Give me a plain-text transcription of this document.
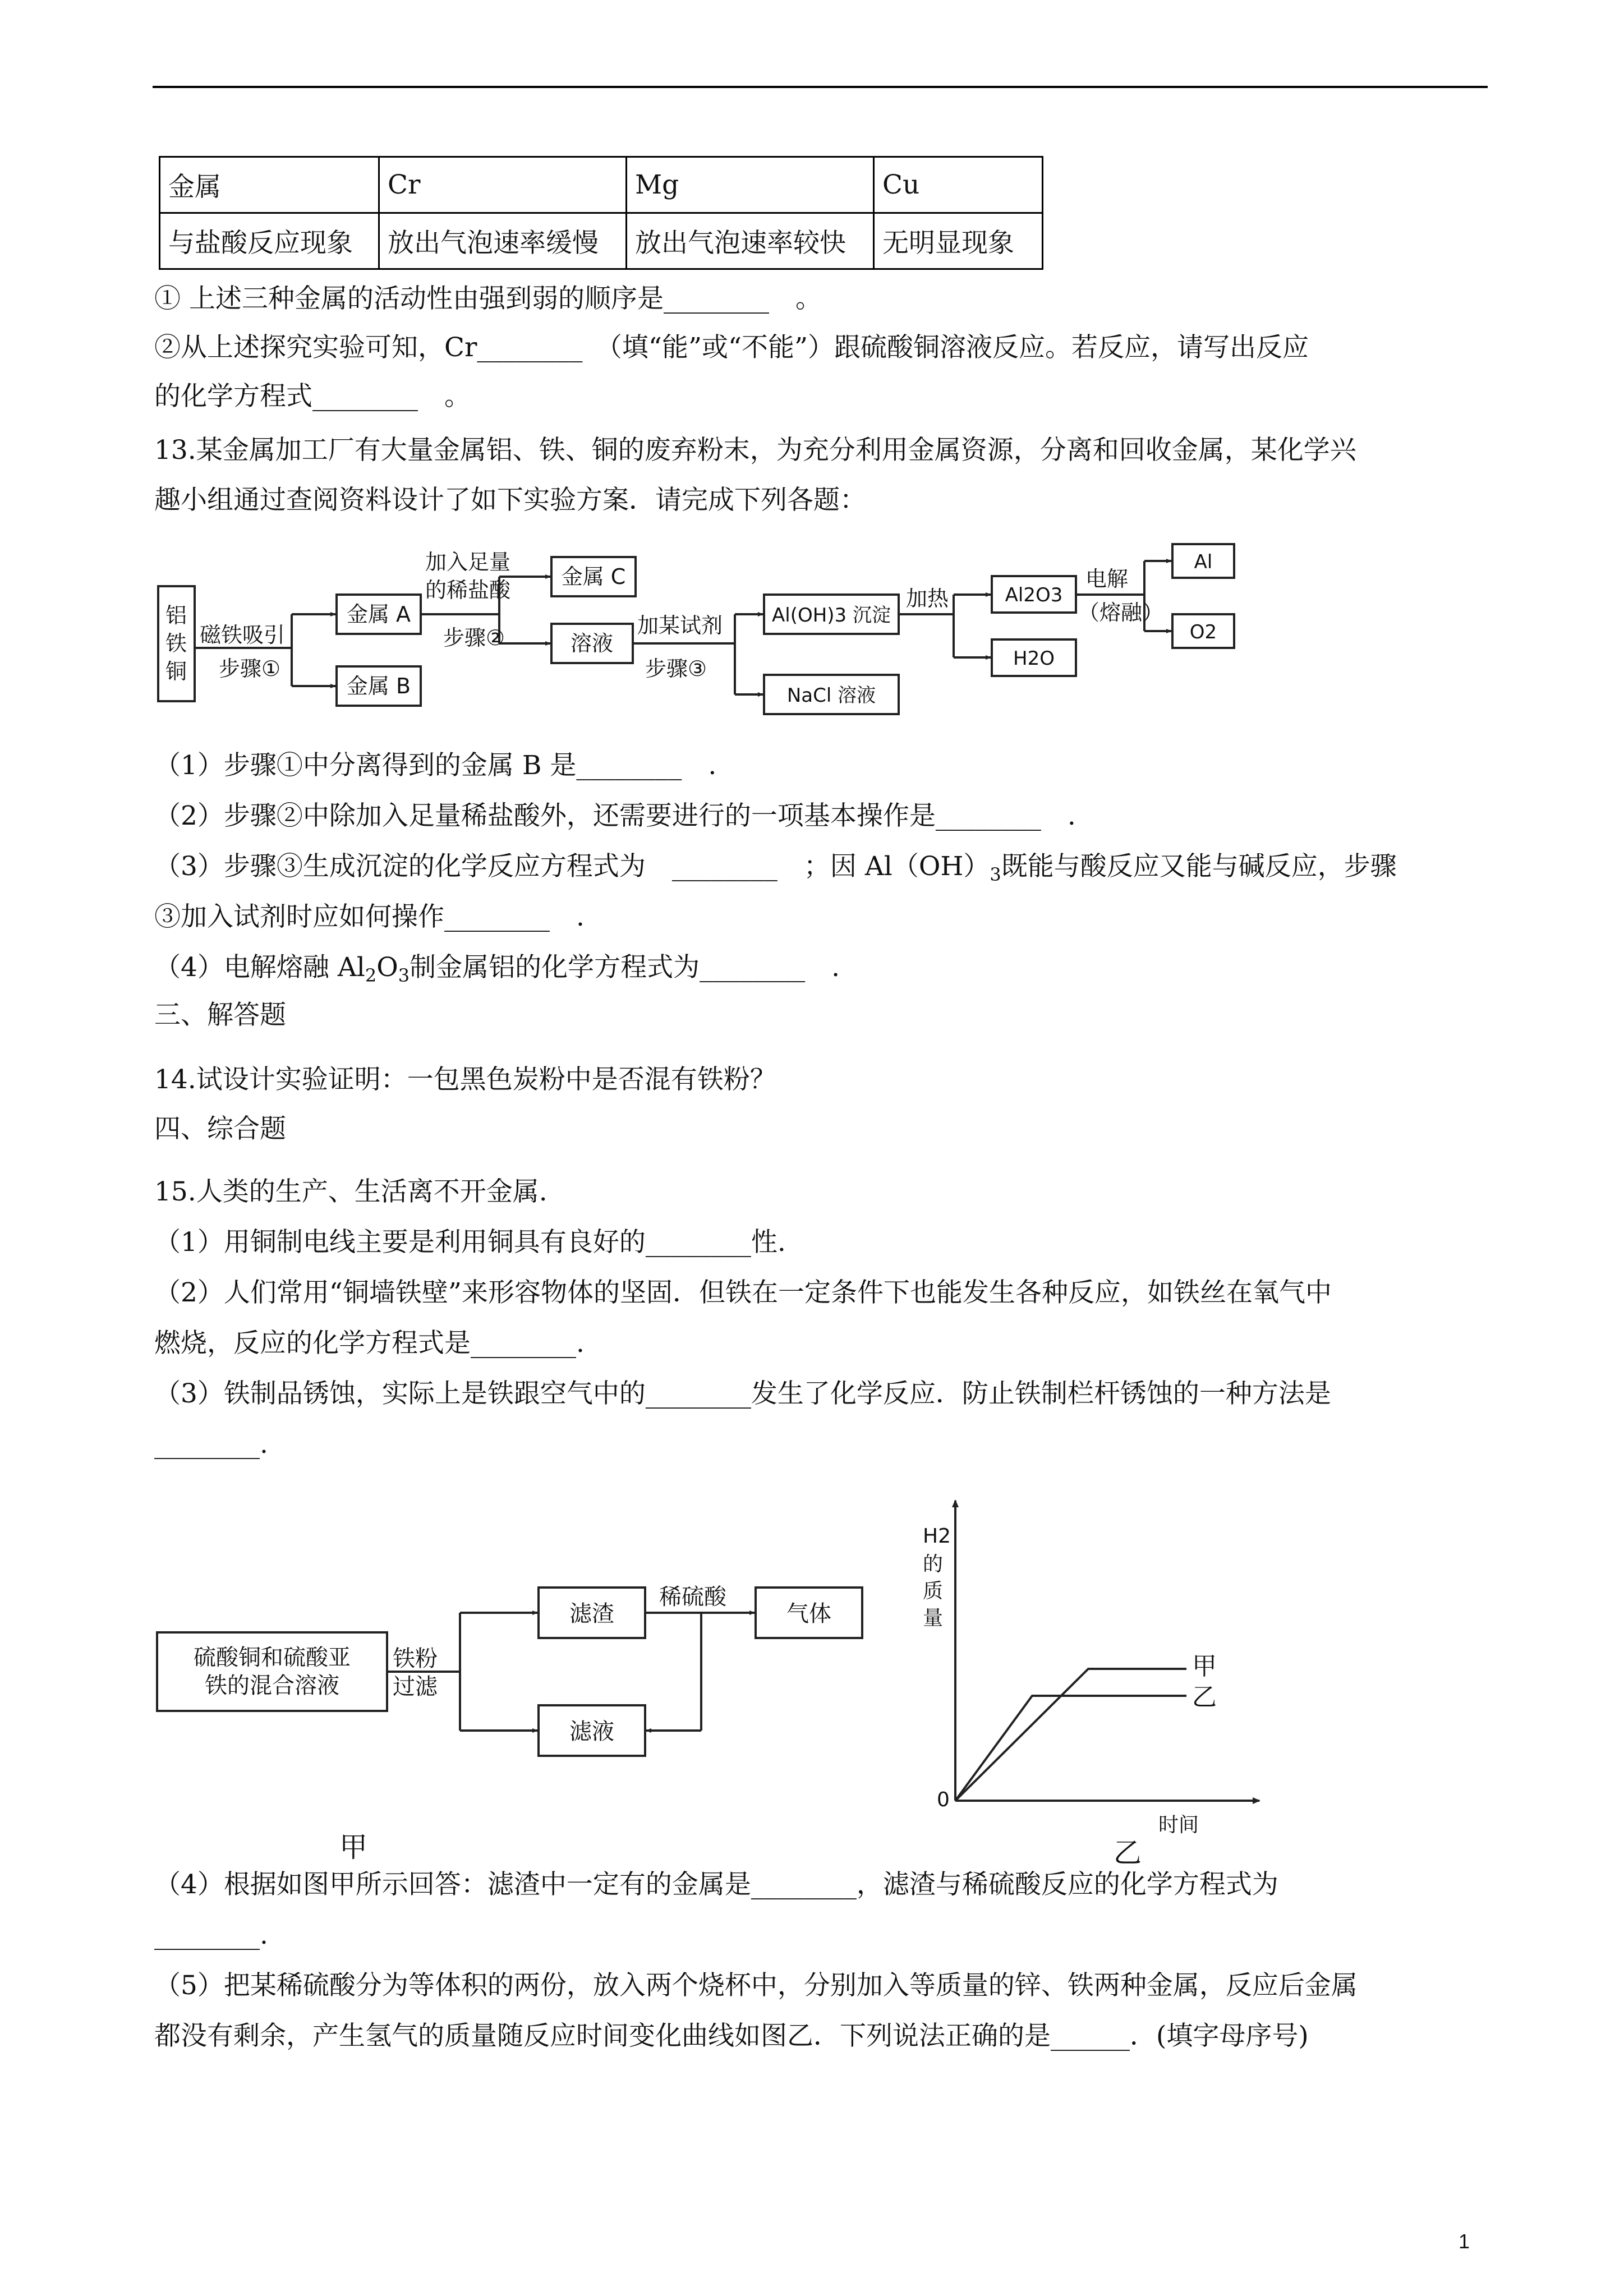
金属	Cr	Mg	Cu
与盐酸反应现象	放出气泡速率缓慢	放出气泡速率较快	无明显现象
① 上述三种金属的活动性由强到弱的顺序是________　。
②从上述探究实验可知，Cr________　（填“能”或“不能”）跟硫酸铜溶液反应。若反应，请写出反应
的化学方程式________　。
13.某金属加工厂有大量金属铝、铁、铜的废弃粉末，为充分利用金属资源，分离和回收金属，某化学兴
趣小组通过查阅资料设计了如下实验方案．请完成下列各题：
铝
铁
铜
磁铁吸引
步骤①
金属 A
金属 B
加入足量
的稀盐酸
步骤②
金属 C
溶液
加某试剂
步骤③
Al(OH)3 沉淀
NaCl 溶液
加热	Al2O3
H2O
电解
（熔融）
Al
O2
（1）步骤①中分离得到的金属 B 是________　.
（2）步骤②中除加入足量稀盐酸外，还需要进行的一项基本操作是________　.
（3）步骤③生成沉淀的化学反应方程式为　________　；因 $Al(OH)_3$既能与酸反应又能与碱反应，步骤
③加入试剂时应如何操作________　.
（4）电解熔融 $Al_2O_3$制金属铝的化学方程式为________　.
三、解答题
14.试设计实验证明：一包黑色炭粉中是否混有铁粉？
四、综合题
15.人类的生产、生活离不开金属.
（1）用铜制电线主要是利用铜具有良好的________性.
（2）人们常用“铜墙铁壁”来形容物体的坚固．但铁在一定条件下也能发生各种反应，如铁丝在氧气中
燃烧，反应的化学方程式是________.
（3）铁制品锈蚀，实际上是铁跟空气中的________发生了化学反应．防止铁制栏杆锈蚀的一种方法是
________.
硫酸铜和硫酸亚
铁的混合溶液
铁粉
过滤
滤渣
稀硫酸
气体
滤液
甲
H2
的
质
量
0
时间
甲
乙
乙
（4）根据如图甲所示回答：滤渣中一定有的金属是________，滤渣与稀硫酸反应的化学方程式为
________.
（5）把某稀硫酸分为等体积的两份，放入两个烧杯中，分别加入等质量的锌、铁两种金属，反应后金属
都没有剩余，产生氢气的质量随反应时间变化曲线如图乙．下列说法正确的是______．(填字母序号)
1
